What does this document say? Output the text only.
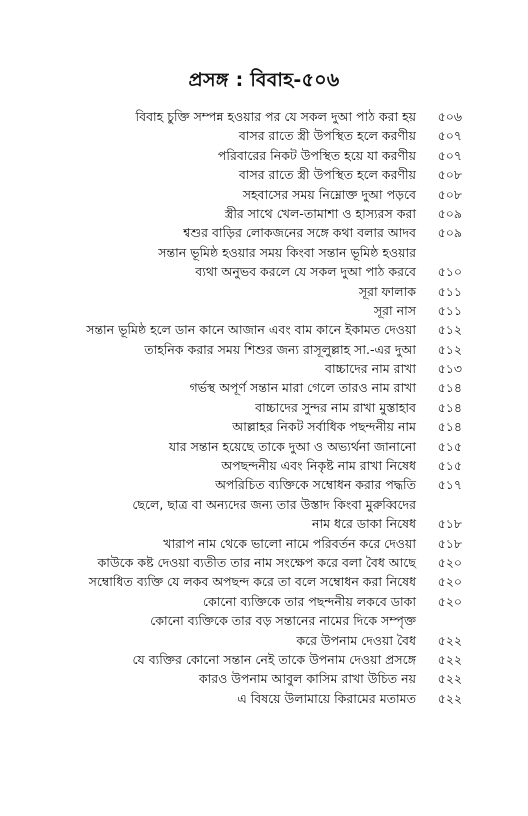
প্রসঙ্গ : বিবাহ-৫০৬
বিবাহ চুক্তি সম্পন্ন হওয়ার পর যে সকল দুআ পাঠ করা হয়	৫০৬
বাসর রাতে স্ত্রী উপস্থিত হলে করণীয়	৫০৭
পরিবারের নিকট উপস্থিত হয়ে যা করণীয়	৫০৭
বাসর রাতে স্ত্রী উপস্থিত হলে করণীয়	৫০৮
সহবাসের সময় নিম্নোক্ত দুআ পড়বে	৫০৮
স্ত্রীর সাথে খেল-তামাশা ও হাস্যরস করা	৫০৯
শ্বশুর বাড়ির লোকজনের সঙ্গে কথা বলার আদব	৫০৯
সন্তান ভূমিষ্ঠ হওয়ার সময় কিংবা সন্তান ভূমিষ্ঠ হওয়ার
ব্যথা অনুভব করলে যে সকল দুআ পাঠ করবে	৫১০
সূরা ফালাক	৫১১
সূরা নাস	৫১১
সন্তান ভূমিষ্ঠ হলে ডান কানে আজান এবং বাম কানে ইকামত দেওয়া	৫১২
তাহনিক করার সময় শিশুর জন্য রাসূলুল্লাহ সা.-এর দুআ	৫১২
বাচ্চাদের নাম রাখা	৫১৩
গর্ভস্থ অপূর্ণ সন্তান মারা গেলে তারও নাম রাখা	৫১৪
বাচ্চাদের সুন্দর নাম রাখা মুস্তাহাব	৫১৪
আল্লাহর নিকট সর্বাধিক পছন্দনীয় নাম	৫১৪
যার সন্তান হয়েছে তাকে দুআ ও অভ্যর্থনা জানানো	৫১৫
অপছন্দনীয় এবং নিকৃষ্ট নাম রাখা নিষেধ	৫১৫
অপরিচিত ব্যক্তিকে সম্বোধন করার পদ্ধতি	৫১৭
ছেলে, ছাত্র বা অন্যদের জন্য তার উস্তাদ কিংবা মুরুব্বিদের
নাম ধরে ডাকা নিষেধ	৫১৮
খারাপ নাম থেকে ভালো নামে পরিবর্তন করে দেওয়া	৫১৮
কাউকে কষ্ট দেওয়া ব্যতীত তার নাম সংক্ষেপ করে বলা বৈধ আছে	৫২০
সম্বোধিত ব্যক্তি যে লকব অপছন্দ করে তা বলে সম্বোধন করা নিষেধ	৫২০
কোনো ব্যক্তিকে তার পছন্দনীয় লকবে ডাকা	৫২০
কোনো ব্যক্তিকে তার বড় সন্তানের নামের দিকে সম্পৃক্ত
করে উপনাম দেওয়া বৈধ	৫২২
যে ব্যক্তির কোনো সন্তান নেই তাকে উপনাম দেওয়া প্রসঙ্গে	৫২২
কারও উপনাম আবুল কাসিম রাখা উচিত নয়	৫২২
এ বিষয়ে উলামায়ে কিরামের মতামত	৫২২
